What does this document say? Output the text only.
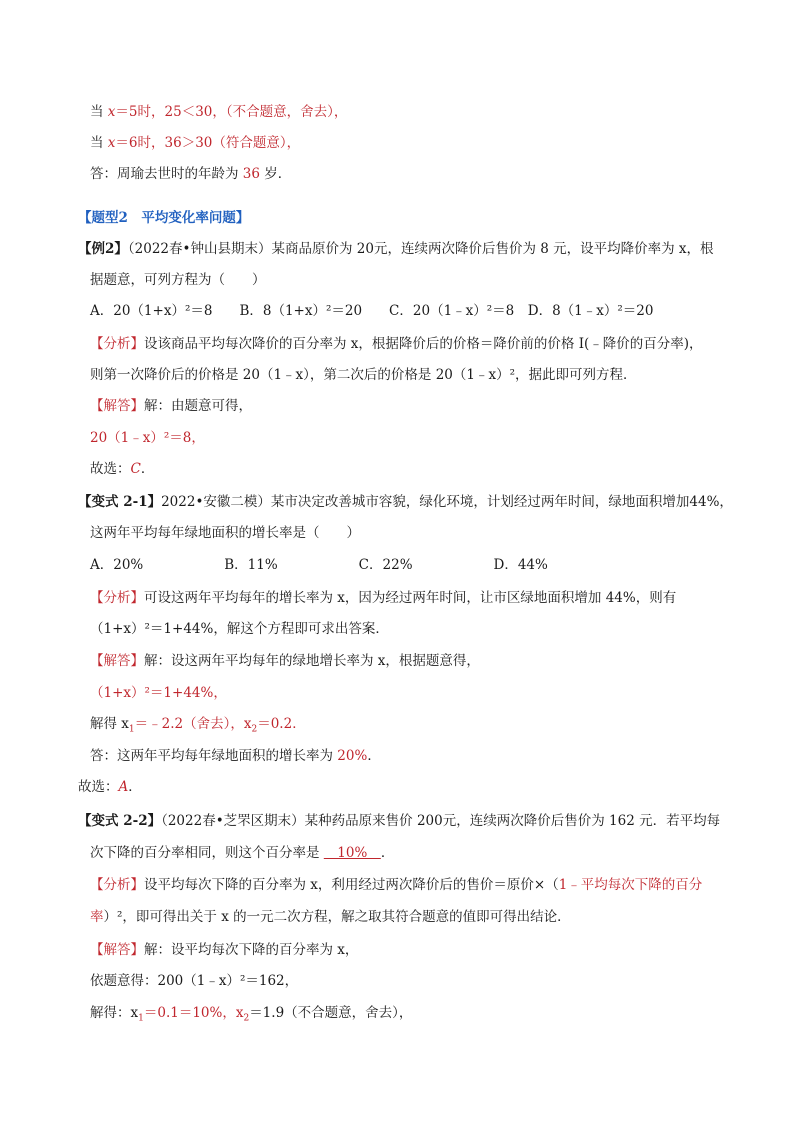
当 x＝5时，25＜30，（不合题意，舍去），
当 x＝6时，36＞30（符合题意），
答：周瑜去世时的年龄为 36 岁．
【题型2　平均变化率问题】
【例2】（2022春•钟山县期末）某商品原价为 20元，连续两次降价后售价为 8 元，设平均降价率为 x，根
据题意，可列方程为（　　）
A．20（1+x）²＝8　　B．8（1+x）²＝20　　C．20（1﹣x）²＝8　D．8（1﹣x）²＝20
【分析】设该商品平均每次降价的百分率为 x，根据降价后的价格＝降价前的价格 I(﹣降价的百分率)，
则第一次降价后的价格是 20（1﹣x），第二次后的价格是 20（1﹣x）²，据此即可列方程．
【解答】解：由题意可得，
20（1﹣x）²＝8，
故选：C．
【变式 2-1】2022•安徽二模）某市决定改善城市容貌，绿化环境，计划经过两年时间，绿地面积增加44%，
这两年平均每年绿地面积的增长率是（　　）
A．20%　　　　　　B．11%　　　　　　C．22%　　　　　　D．44%
【分析】可设这两年平均每年的增长率为 x，因为经过两年时间，让市区绿地面积增加 44%，则有
（1+x）²＝1+44%，解这个方程即可求出答案．
【解答】解：设这两年平均每年的绿地增长率为 x，根据题意得，
（1+x）²＝1+44%，
解得 $x_1=﹣2.2$（舍去），$x_2=0.2$．
答：这两年平均每年绿地面积的增长率为 20%．
故选：A．
【变式 2-2】（2022春•芝罘区期末）某种药品原来售价 200元，连续两次降价后售价为 162 元．若平均每
次下降的百分率相同，则这个百分率是 　10%　．
【分析】设平均每次下降的百分率为 x，利用经过两次降价后的售价＝原价×（1﹣平均每次下降的百分
率）²，即可得出关于 x 的一元二次方程，解之取其符合题意的值即可得出结论．
【解答】解：设平均每次下降的百分率为 x，
依题意得：200（1﹣x）²＝162，
解得：$x_1=0.1=10\%$，$x_2=1.9$（不合题意，舍去），
